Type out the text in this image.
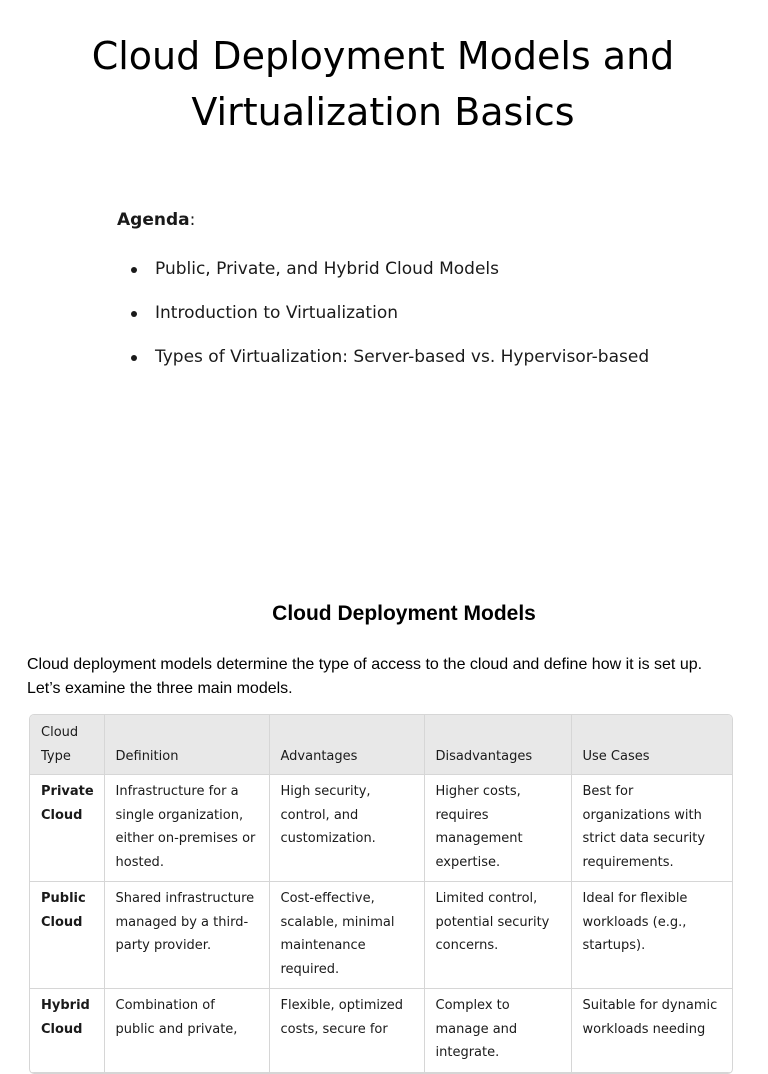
Cloud Deployment Models and
Virtualization Basics

Agenda:

Public, Private, and Hybrid Cloud Models
Introduction to Virtualization
Types of Virtualization: Server-based vs. Hypervisor-based
Cloud Deployment Models

Cloud deployment models determine the type of access to the cloud and define how it is set up. Let’s examine the three main models.

Cloud Type	Definition	Advantages	Disadvantages	Use Cases
Private Cloud	Infrastructure for a single organization, either on-premises or hosted.	High security, control, and customization.	Higher costs, requires management expertise.	Best for organizations with strict data security requirements.
Public Cloud	Shared infrastructure managed by a third-party provider.	Cost-effective, scalable, minimal maintenance required.	Limited control, potential security concerns.	Ideal for flexible workloads (e.g., startups).
Hybrid Cloud	Combination of public and private,	Flexible, optimized costs, secure for	Complex to manage and integrate.	Suitable for dynamic workloads needing
